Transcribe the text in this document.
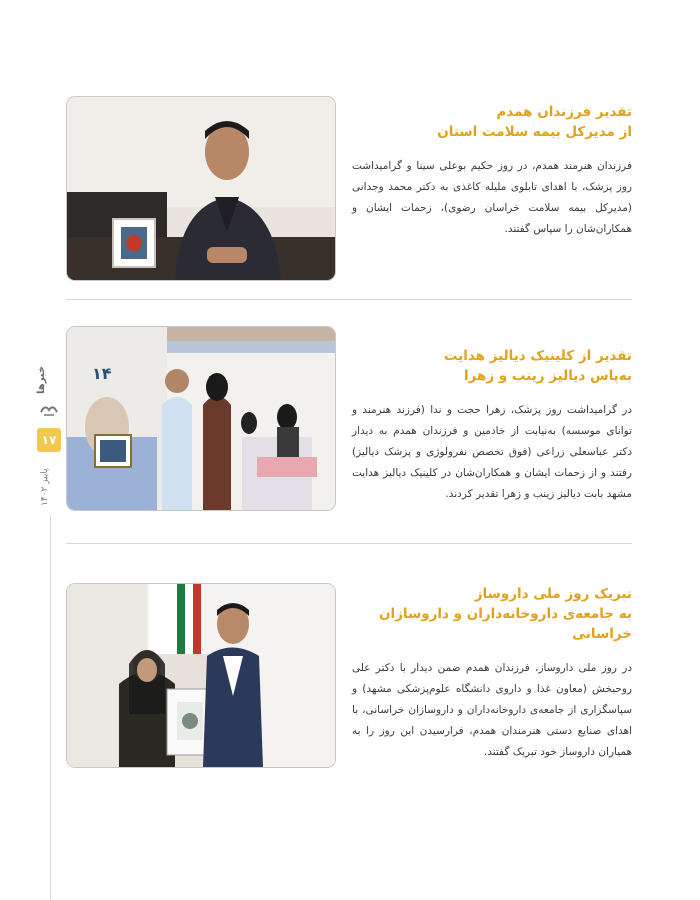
خبرها
۱۷
پاییز ۱۴۰۲

تقدیر فرزندان همدم
از مدیرکل بیمه سلامت استان

فرزندان هنرمند همدم، در روز حکیم بوعلی سینا و گرامیداشت روز پزشک، با اهدای تابلوی ملیله کاغذی به دکتر محمد وجدانی (مدیرکل بیمه سلامت خراسان رضوی)، زحمات ایشان و همکاران‌شان را سپاس گفتند.

۱۴

تقدیر از کلینیک دیالیز هدایت
به‌پاس دیالیز زینب و زهرا

در گرامیداشت روز پزشک، زهرا حجت و ندا (فرزند هنرمند و توانای موسسه) به‌نیابت از خادمین و فرزندان همدم به دیدار دکتر عباسعلی زراعی (فوق تخصص نفرولوژی و پزشک دیالیز) رفتند و از زحمات ایشان و همکاران‌شان در کلینیک دیالیز هدایت مشهد بابت دیالیز زینب و زهرا تقدیر کردند.

تبریک روز ملی داروساز
به جامعه‌ی داروخانه‌داران و داروسازان خراسانی

در روز ملی داروساز، فرزندان همدم ضمن دیدار با دکتر علی روحبخش (معاون غذا و داروی دانشگاه علوم‌پزشکی مشهد) و سپاسگزاری از جامعه‌ی داروخانه‌داران و داروسازان خراسانی، با اهدای صنایع دستی هنرمندان همدم، فرارسیدن این روز را به همیاران داروساز خود تبریک گفتند.
